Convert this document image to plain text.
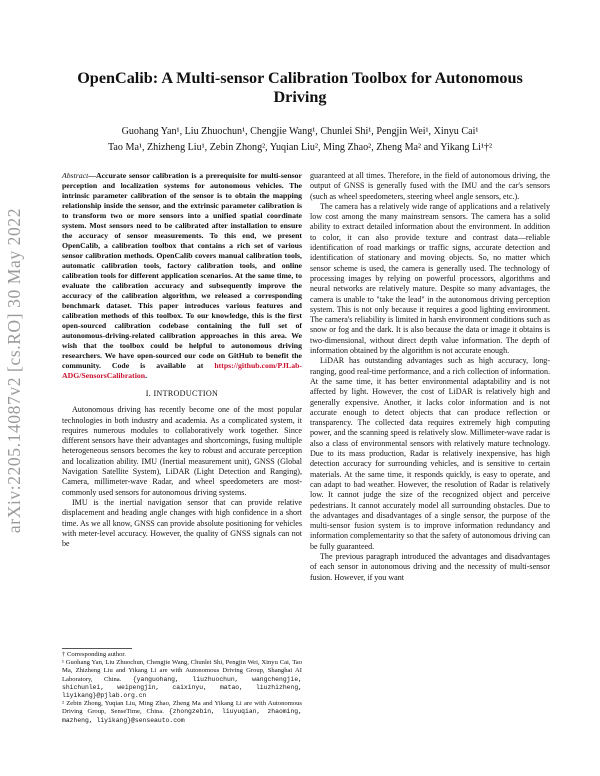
arXiv:2205.14087v2 [cs.RO] 30 May 2022
OpenCalib: A Multi-sensor Calibration Toolbox for Autonomous Driving
Guohang Yan¹, Liu Zhuochun¹, Chengjie Wang¹, Chunlei Shi¹, Pengjin Wei¹, Xinyu Cai¹
Tao Ma¹, Zhizheng Liu¹, Zebin Zhong², Yuqian Liu², Ming Zhao², Zheng Ma² and Yikang Li¹†²

Abstract—Accurate sensor calibration is a prerequisite for multi-sensor perception and localization systems for autonomous vehicles. The intrinsic parameter calibration of the sensor is to obtain the mapping relationship inside the sensor, and the extrinsic parameter calibration is to transform two or more sensors into a unified spatial coordinate system. Most sensors need to be calibrated after installation to ensure the accuracy of sensor measurements. To this end, we present OpenCalib, a calibration toolbox that contains a rich set of various sensor calibration methods. OpenCalib covers manual calibration tools, automatic calibration tools, factory calibration tools, and online calibration tools for different application scenarios. At the same time, to evaluate the calibration accuracy and subsequently improve the accuracy of the calibration algorithm, we released a corresponding benchmark dataset. This paper introduces various features and calibration methods of this toolbox. To our knowledge, this is the first open-sourced calibration codebase containing the full set of autonomous-driving-related calibration approaches in this area. We wish that the toolbox could be helpful to autonomous driving researchers. We have open-sourced our code on GitHub to benefit the community. Code is available at https://github.com/PJLab-ADG/SensorsCalibration.

I. INTRODUCTION

Autonomous driving has recently become one of the most popular technologies in both industry and academia. As a complicated system, it requires numerous modules to collaboratively work together. Since different sensors have their advantages and shortcomings, fusing multiple heterogeneous sensors becomes the key to robust and accurate perception and localization ability. IMU (Inertial measurement unit), GNSS (Global Navigation Satellite System), LiDAR (Light Detection and Ranging), Camera, millimeter-wave Radar, and wheel speedometers are most-commonly used sensors for autonomous driving systems.

IMU is the inertial navigation sensor that can provide relative displacement and heading angle changes with high confidence in a short time. As we all know, GNSS can provide absolute positioning for vehicles with meter-level accuracy. However, the quality of GNSS signals can not be

† Corresponding author.

¹ Guohang Yan, Liu Zhuochun, Chengjie Wang, Chunlei Shi, Pengjin Wei, Xinyu Cai, Tao Ma, Zhizheng Liu and Yikang Li are with Autonomous Driving Group, Shanghai AI Laboratory, China. {yanguohang, liuzhuochun, wangchengjie, shichunlei, weipengjin, caixinyu, matao, liuzhizheng, liyikang}@pjlab.org.cn

² Zebin Zhong, Yuqian Liu, Ming Zhao, Zheng Ma and Yikang Li are with Autonomous Driving Group, SenseTime, China. {zhongzebin, liuyuqian, zhaoming, mazheng, liyikang}@senseauto.com

guaranteed at all times. Therefore, in the field of autonomous driving, the output of GNSS is generally fused with the IMU and the car's sensors (such as wheel speedometers, steering wheel angle sensors, etc.).

The camera has a relatively wide range of applications and a relatively low cost among the many mainstream sensors. The camera has a solid ability to extract detailed information about the environment. In addition to color, it can also provide texture and contrast data—reliable identification of road markings or traffic signs, accurate detection and identification of stationary and moving objects. So, no matter which sensor scheme is used, the camera is generally used. The technology of processing images by relying on powerful processors, algorithms and neural networks are relatively mature. Despite so many advantages, the camera is unable to "take the lead" in the autonomous driving perception system. This is not only because it requires a good lighting environment. The camera's reliability is limited in harsh environment conditions such as snow or fog and the dark. It is also because the data or image it obtains is two-dimensional, without direct depth value information. The depth of information obtained by the algorithm is not accurate enough.

LiDAR has outstanding advantages such as high accuracy, long-ranging, good real-time performance, and a rich collection of information. At the same time, it has better environmental adaptability and is not affected by light. However, the cost of LiDAR is relatively high and generally expensive. Another, it lacks color information and is not accurate enough to detect objects that can produce reflection or transparency. The collected data requires extremely high computing power, and the scanning speed is relatively slow. Millimeter-wave radar is also a class of environmental sensors with relatively mature technology. Due to its mass production, Radar is relatively inexpensive, has high detection accuracy for surrounding vehicles, and is sensitive to certain materials. At the same time, it responds quickly, is easy to operate, and can adapt to bad weather. However, the resolution of Radar is relatively low. It cannot judge the size of the recognized object and perceive pedestrians. It cannot accurately model all surrounding obstacles. Due to the advantages and disadvantages of a single sensor, the purpose of the multi-sensor fusion system is to improve information redundancy and information complementarity so that the safety of autonomous driving can be fully guaranteed.

The previous paragraph introduced the advantages and disadvantages of each sensor in autonomous driving and the necessity of multi-sensor fusion. However, if you want
